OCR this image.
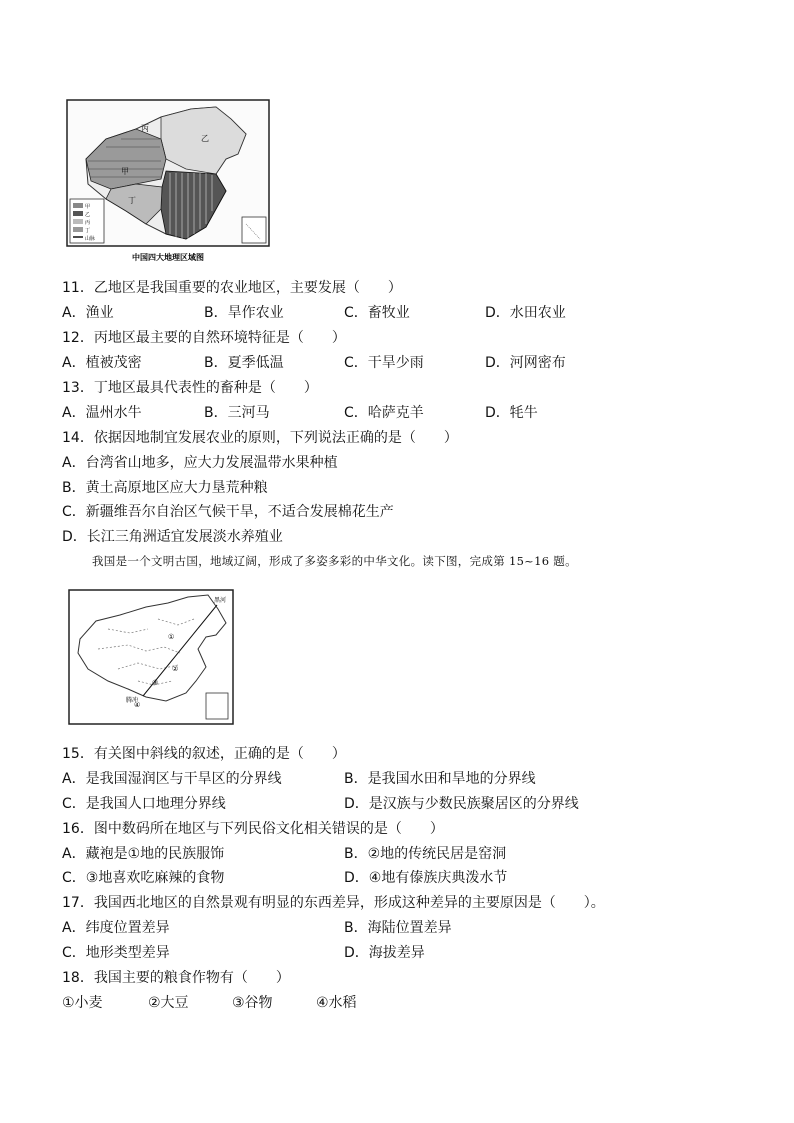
甲
乙
丙
丁
山脉
甲
乙
丙
丁
中国四大地理区域图
11．乙地区是我国重要的农业地区，主要发展（　　）
A．渔业	B．旱作农业	C．畜牧业	D．水田农业
12．丙地区最主要的自然环境特征是（　　）
A．植被茂密	B．夏季低温	C．干旱少雨	D．河网密布
13．丁地区最具代表性的畜种是（　　）
A．温州水牛	B．三河马	C．哈萨克羊	D．牦牛
14．依据因地制宜发展农业的原则，下列说法正确的是（　　）
A．台湾省山地多，应大力发展温带水果种植
B．黄土高原地区应大力垦荒种粮
C．新疆维吾尔自治区气候干旱，不适合发展棉花生产
D．长江三角洲适宜发展淡水养殖业
我国是一个文明古国，地域辽阔，形成了多姿多彩的中华文化。读下图，完成第 15~16 题。
黑河
腾冲
①
②
③
④
15．有关图中斜线的叙述，正确的是（　　）
A．是我国湿润区与干旱区的分界线	B．是我国水田和旱地的分界线
C．是我国人口地理分界线	D．是汉族与少数民族聚居区的分界线
16．图中数码所在地区与下列民俗文化相关错误的是（　　）
A．藏袍是①地的民族服饰	B．②地的传统民居是窑洞
C．③地喜欢吃麻辣的食物	D．④地有傣族庆典泼水节
17．我国西北地区的自然景观有明显的东西差异，形成这种差异的主要原因是（　　）。
A．纬度位置差异	B．海陆位置差异
C．地形类型差异	D．海拔差异
18．我国主要的粮食作物有（　　）
①小麦	②大豆	③谷物	④水稻
